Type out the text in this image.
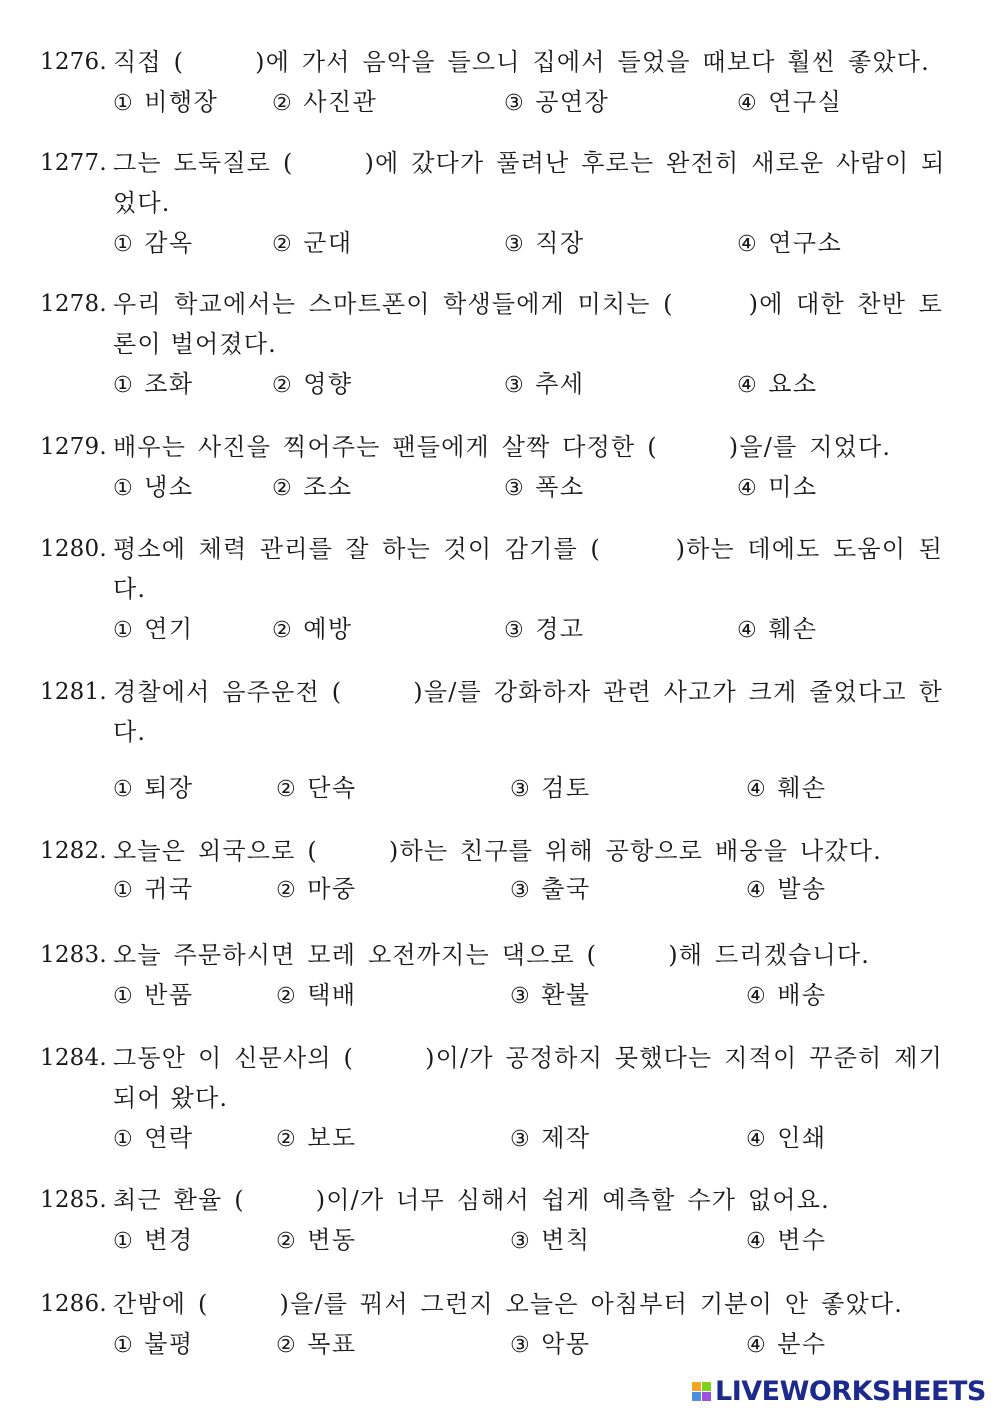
1276. 직접 (      )에 가서 음악을 들으니 집에서 들었을 때보다 훨씬 좋았다.
① 비행장 ② 사진관	③ 공연장	④ 연구실
1277. 그는 도둑질로 (      )에 갔다가 풀려난 후로는 완전히 새로운 사람이 되
었다.
① 감옥	② 군대	③ 직장	④ 연구소
1278. 우리 학교에서는 스마트폰이 학생들에게 미치는 (      )에 대한 찬반 토
론이 벌어졌다.
① 조화	② 영향	③ 추세	④ 요소
1279. 배우는 사진을 찍어주는 팬들에게 살짝 다정한 (      )을/를 지었다.
① 냉소	② 조소	③ 폭소	④ 미소
1280. 평소에 체력 관리를 잘 하는 것이 감기를 (      )하는 데에도 도움이 된
다.
① 연기	② 예방	③ 경고	④ 훼손
1281. 경찰에서 음주운전 (      )을/를 강화하자 관련 사고가 크게 줄었다고 한
다.
① 퇴장	② 단속	③ 검토	④ 훼손
1282. 오늘은 외국으로 (      )하는 친구를 위해 공항으로 배웅을 나갔다.
① 귀국	② 마중	③ 출국	④ 발송
1283. 오늘 주문하시면 모레 오전까지는 댁으로 (      )해 드리겠습니다.
① 반품	② 택배	③ 환불	④ 배송
1284. 그동안 이 신문사의 (      )이/가 공정하지 못했다는 지적이 꾸준히 제기
되어 왔다.
① 연락	② 보도	③ 제작	④ 인쇄
1285. 최근 환율 (      )이/가 너무 심해서 쉽게 예측할 수가 없어요.
① 변경	② 변동	③ 변칙	④ 변수
1286. 간밤에 (      )을/를 꿔서 그런지 오늘은 아침부터 기분이 안 좋았다.
① 불평	② 목표	③ 악몽	④ 분수
LIVEWORKSHEETS
